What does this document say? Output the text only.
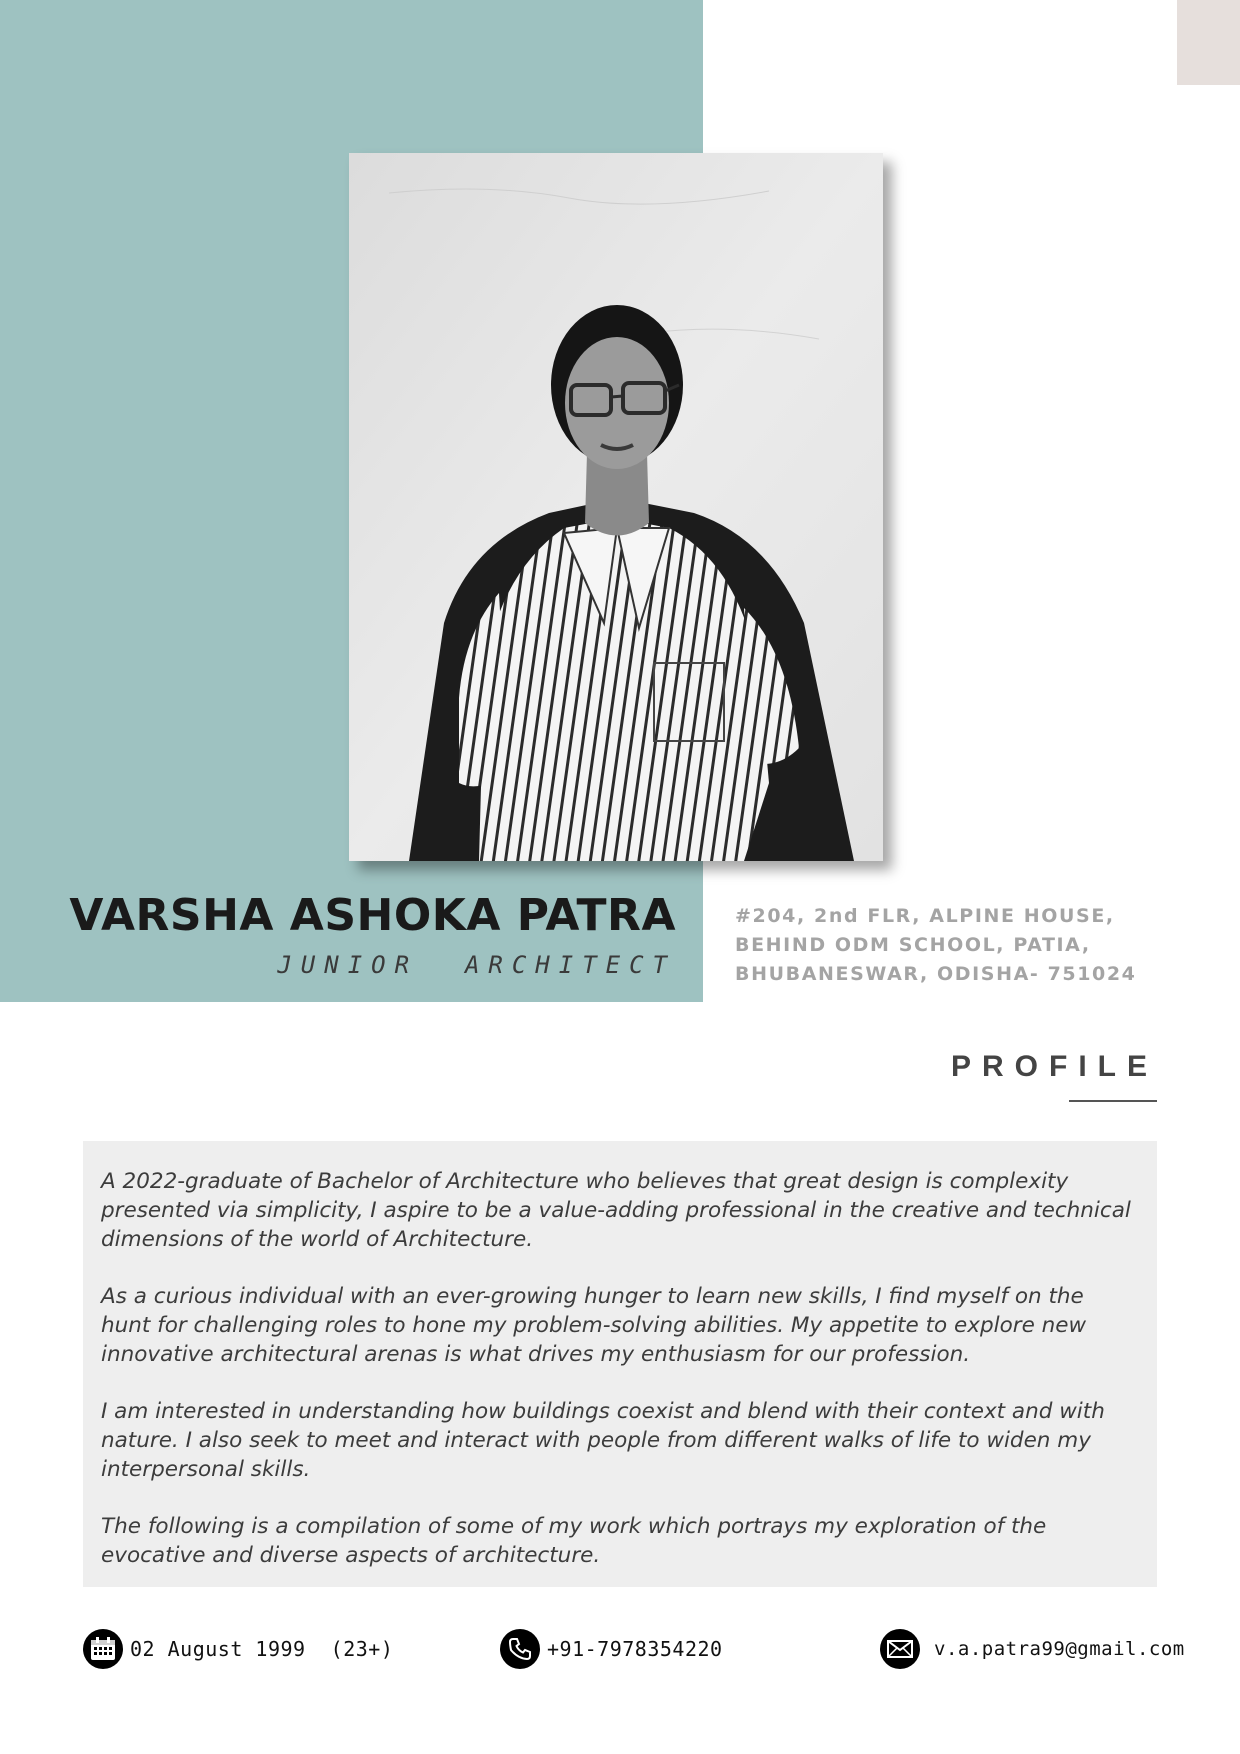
VARSHA ASHOKA PATRA
JUNIOR  ARCHITECT
#204, 2nd FLR, ALPINE HOUSE,
BEHIND ODM SCHOOL, PATIA,
BHUBANESWAR, ODISHA- 751024
PROFILE

A 2022-graduate of Bachelor of Architecture who believes that great design is complexity presented via simplicity, I aspire to be a value-adding professional in the creative and technical dimensions of the world of Architecture.

As a curious individual with an ever-growing hunger to learn new skills, I find myself on the hunt for challenging roles to hone my problem-solving abilities. My appetite to explore new innovative architectural arenas is what drives my enthusiasm for our profession.

I am interested in understanding how buildings coexist and blend with their context and with nature. I also seek to meet and interact with people from different walks of life to widen my interpersonal skills.

The following is a compilation of some of my work which portrays my exploration of the evocative and diverse aspects of architecture.

02 August 1999  (23+)	+91-7978354220	v.a.patra99@gmail.com
